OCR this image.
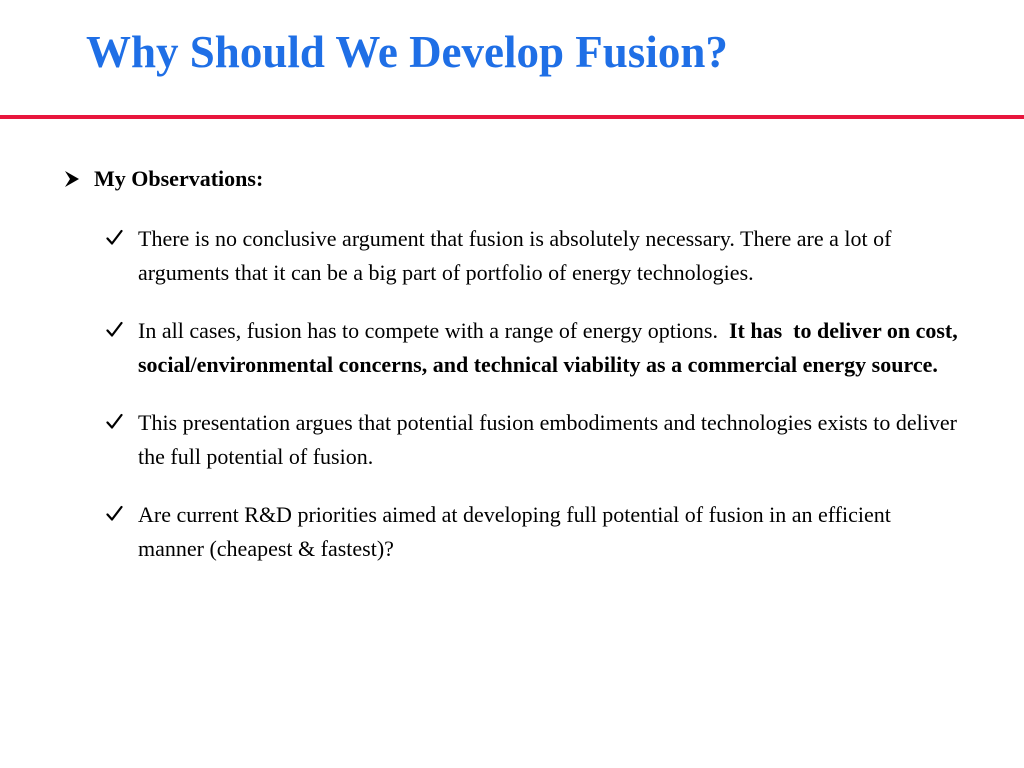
Why Should We Develop Fusion?
My Observations:
There is no conclusive argument that fusion is absolutely necessary. There are a lot of arguments that it can be a big part of portfolio of energy technologies.
In all cases, fusion has to compete with a range of energy options. It has  to deliver on cost, social/environmental concerns, and technical viability as a commercial energy source.
This presentation argues that potential fusion embodiments and technologies exists to deliver the full potential of fusion.
Are current R&D priorities aimed at developing full potential of fusion in an efficient manner (cheapest & fastest)?
